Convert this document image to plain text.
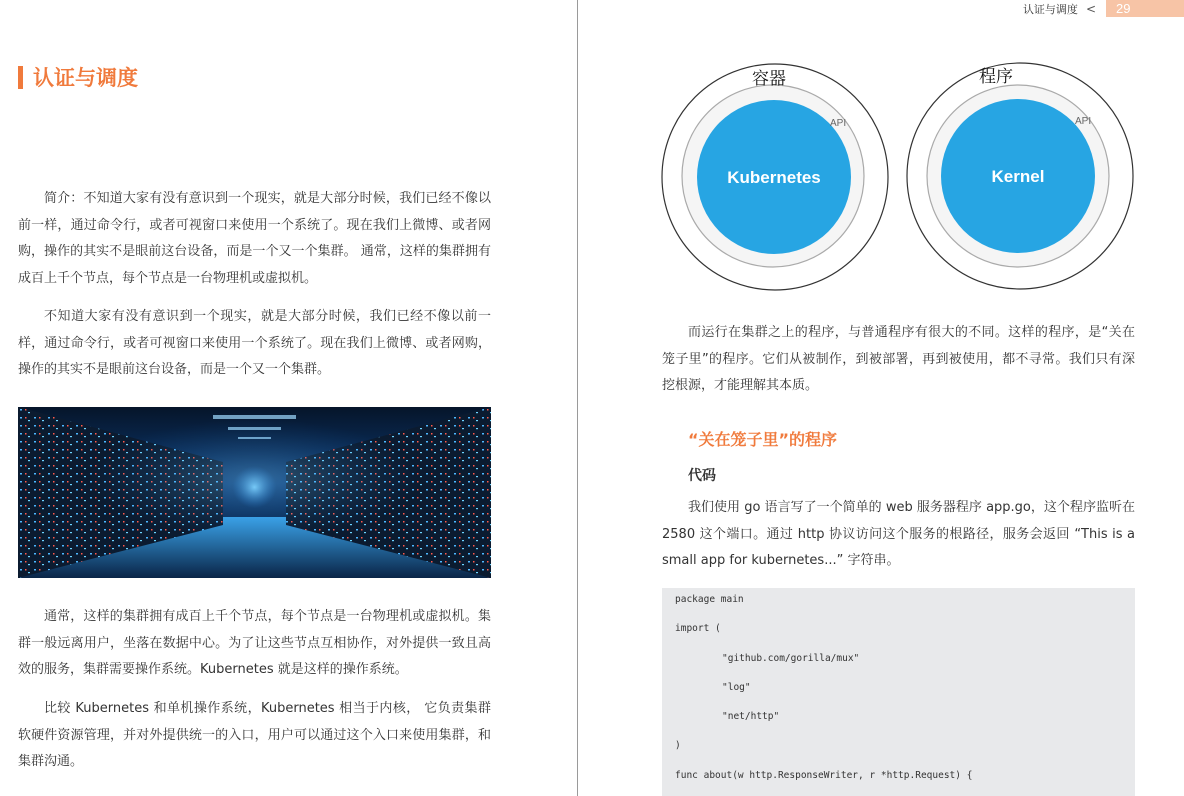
认证与调度 <	29
认证与调度

简介：不知道大家有没有意识到一个现实，就是大部分时候，我们已经不像以前一样，通过命令行，或者可视窗口来使用一个系统了。现在我们上微博、或者网购，操作的其实不是眼前这台设备，而是一个又一个集群。 通常，这样的集群拥有成百上千个节点，每个节点是一台物理机或虚拟机。

不知道大家有没有意识到一个现实，就是大部分时候，我们已经不像以前一样，通过命令行，或者可视窗口来使用一个系统了。现在我们上微博、或者网购，操作的其实不是眼前这台设备，而是一个又一个集群。

通常，这样的集群拥有成百上千个节点，每个节点是一台物理机或虚拟机。集群一般远离用户，坐落在数据中心。为了让这些节点互相协作，对外提供一致且高效的服务，集群需要操作系统。Kubernetes 就是这样的操作系统。

比较 Kubernetes 和单机操作系统，Kubernetes 相当于内核， 它负责集群软硬件资源管理，并对外提供统一的入口，用户可以通过这个入口来使用集群，和集群沟通。

容器
API
Kubernetes
程序
API
Kernel

而运行在集群之上的程序，与普通程序有很大的不同。这样的程序，是“关在笼子里”的程序。它们从被制作，到被部署，再到被使用，都不寻常。我们只有深挖根源，才能理解其本质。

“关在笼子里”的程序
代码

我们使用 go 语言写了一个简单的 web 服务器程序 app.go，这个程序监听在 2580 这个端口。通过 http 协议访问这个服务的根路径，服务会返回 “This is a small app for kubernetes...” 字符串。

package main
import (
"github.com/gorilla/mux"
"log"
"net/http"
)
func about(w http.ResponseWriter, r *http.Request) {
